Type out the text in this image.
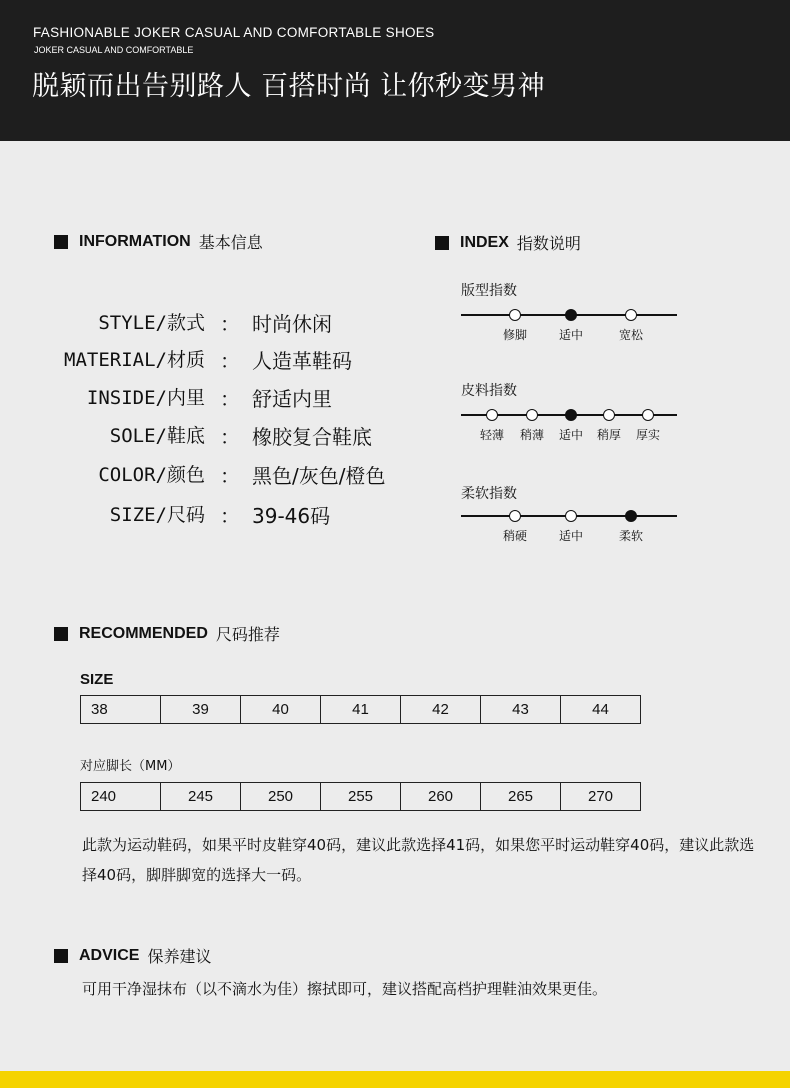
FASHIONABLE JOKER CASUAL AND COMFORTABLE SHOES
JOKER CASUAL AND COMFORTABLE
脱颖而出告别路人 百搭时尚 让你秒变男神
INFORMATION 基本信息
STYLE/款式 ： 时尚休闲
MATERIAL/材质 ： 人造革鞋码
INSIDE/内里 ： 舒适内里
SOLE/鞋底 ： 橡胶复合鞋底
COLOR/颜色 ： 黑色/灰色/橙色
SIZE/尺码 ： 39-46码
INDEX 指数说明
版型指数
修脚	适中	宽松
皮料指数
轻薄 稍薄 适中 稍厚 厚实
柔软指数
稍硬	适中	柔软
RECOMMENDED 尺码推荐
SIZE
38	39	40	41	42	43	44
对应脚长（MM）
240	245	250	255	260	265	270
此款为运动鞋码，如果平时皮鞋穿40码，建议此款选择41码，如果您平时运动鞋穿40码，建议此款选择40码，脚胖脚宽的选择大一码。
ADVICE 保养建议
可用干净湿抹布（以不滴水为佳）擦拭即可，建议搭配高档护理鞋油效果更佳。
